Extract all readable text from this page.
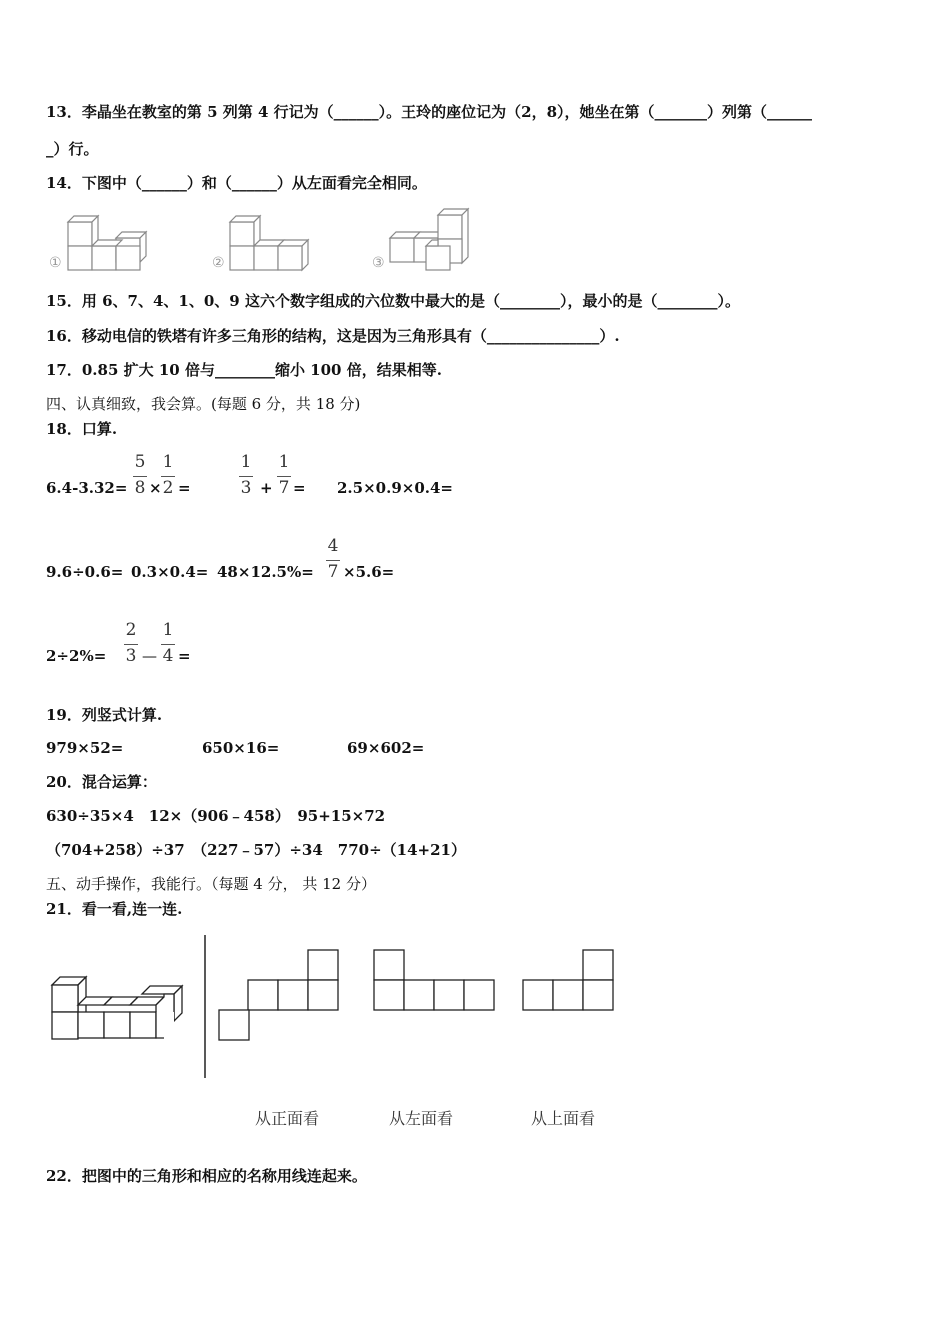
13．李晶坐在教室的第 5 列第 4 行记为（______）。王玲的座位记为（2，8），她坐在第（_______）列第（______
_）行。
14．下图中（______）和（______）从左面看完全相同。
①	②	③
15．用 6、7、4、1、0、9 这六个数字组成的六位数中最大的是（________），最小的是（________）。
16．移动电信的铁塔有许多三角形的结构，这是因为三角形具有（_______________）.
17．0.85 扩大 10 倍与________缩小 100 倍，结果相等.
四、认真细致，我会算。(每题 6 分，共 18 分)
18．口算.
6.4-3.32=
5
8 ×
1
2 =
1
3 +
1
7 = 2.5×0.9×0.4=
9.6÷0.6= 0.3×0.4= 48×12.5%=
4
7 ×5.6=
2÷2%=
2
3 —
1
4 =
19．列竖式计算.
979×52=	650×16=	69×602=
20．混合运算：
630÷35×4　12×（906﹣458）　95+15×72
（704+258）÷37　（227﹣57）÷34　770÷（14+21）
五、动手操作，我能行。（每题 4 分， 共 12 分）
21．看一看,连一连.
从正面看	从左面看	从上面看
22．把图中的三角形和相应的名称用线连起来。
